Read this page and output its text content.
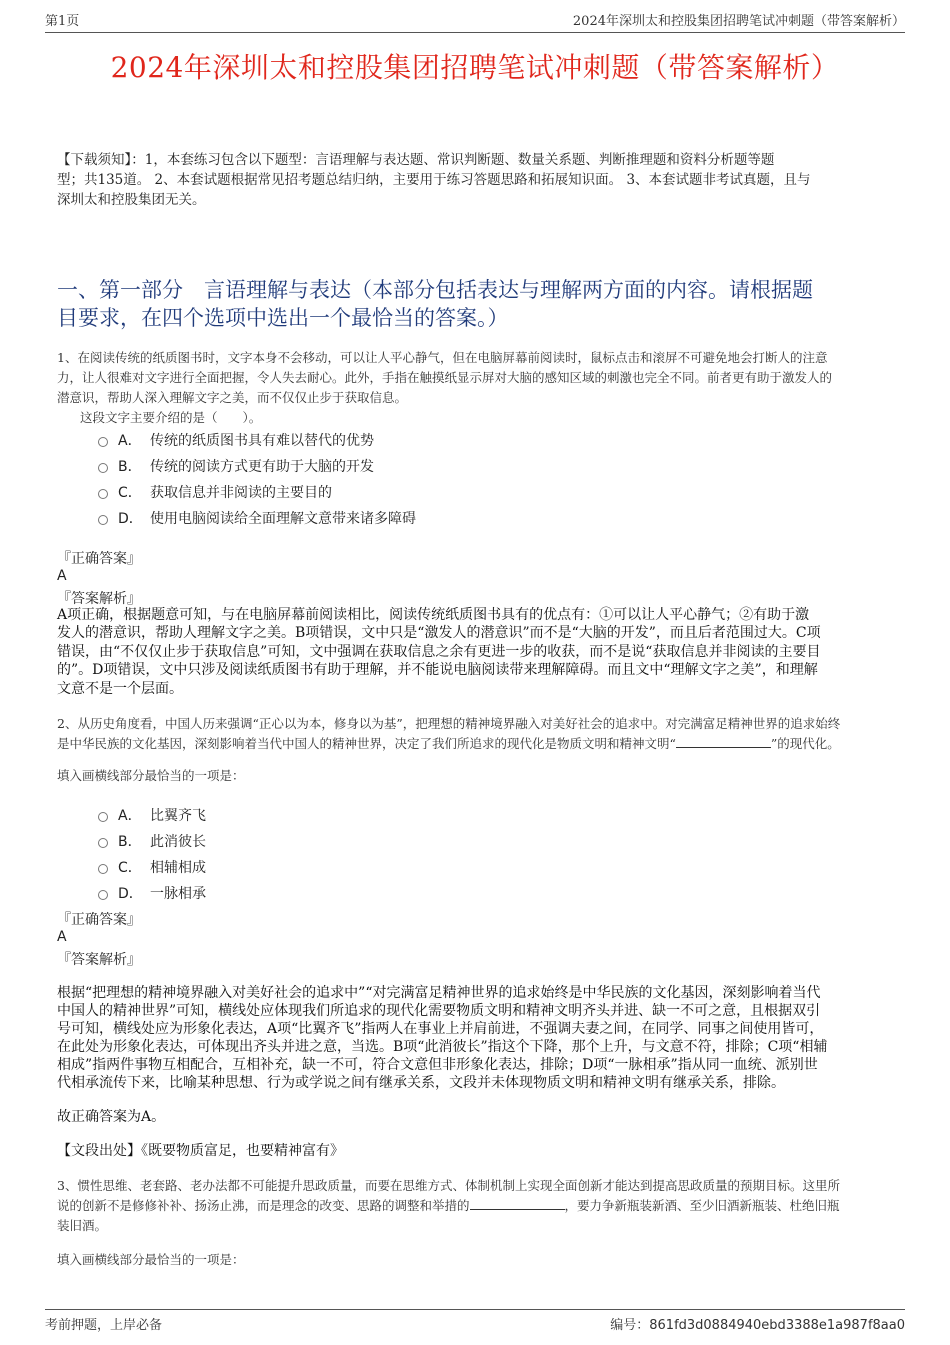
第1页	2024年深圳太和控股集团招聘笔试冲刺题（带答案解析）
2024年深圳太和控股集团招聘笔试冲刺题（带答案解析）
【下载须知】：1，本套练习包含以下题型：言语理解与表达题、常识判断题、数量关系题、判断推理题和资料分析题等题
型；共135道。 2、本套试题根据常见招考题总结归纳，主要用于练习答题思路和拓展知识面。 3、本套试题非考试真题，且与
深圳太和控股集团无关。
一、第一部分　言语理解与表达（本部分包括表达与理解两方面的内容。请根据题
目要求，在四个选项中选出一个最恰当的答案。）
1、在阅读传统的纸质图书时，文字本身不会移动，可以让人平心静气，但在电脑屏幕前阅读时，鼠标点击和滚屏不可避免地会打断人的注意
力，让人很难对文字进行全面把握，令人失去耐心。此外，手指在触摸纸显示屏对大脑的感知区域的刺激也完全不同。前者更有助于激发人的
潜意识，帮助人深入理解文字之美，而不仅仅止步于获取信息。
这段文字主要介绍的是（　　）。
A． 传统的纸质图书具有难以替代的优势
B． 传统的阅读方式更有助于大脑的开发
C． 获取信息并非阅读的主要目的
D． 使用电脑阅读给全面理解文意带来诸多障碍
『正确答案』
A
『答案解析』
A项正确，根据题意可知，与在电脑屏幕前阅读相比，阅读传统纸质图书具有的优点有：①可以让人平心静气；②有助于激
发人的潜意识，帮助人理解文字之美。B项错误，文中只是“激发人的潜意识”而不是“大脑的开发”，而且后者范围过大。C项
错误，由“不仅仅止步于获取信息”可知，文中强调在获取信息之余有更进一步的收获，而不是说“获取信息并非阅读的主要目
的”。D项错误，文中只涉及阅读纸质图书有助于理解，并不能说电脑阅读带来理解障碍。而且文中“理解文字之美”，和理解
文意不是一个层面。
2、从历史角度看，中国人历来强调“正心以为本，修身以为基”，把理想的精神境界融入对美好社会的追求中。对完满富足精神世界的追求始终
是中华民族的文化基因，深刻影响着当代中国人的精神世界，决定了我们所追求的现代化是物质文明和精神文明“	”的现代化。
填入画横线部分最恰当的一项是：
A． 比翼齐飞
B． 此消彼长
C． 相辅相成
D． 一脉相承
『正确答案』
A
『答案解析』
根据“把理想的精神境界融入对美好社会的追求中”“对完满富足精神世界的追求始终是中华民族的文化基因，深刻影响着当代
中国人的精神世界”可知，横线处应体现我们所追求的现代化需要物质文明和精神文明齐头并进、缺一不可之意，且根据双引
号可知，横线处应为形象化表达，A项“比翼齐飞”指两人在事业上并肩前进，不强调夫妻之间，在同学、同事之间使用皆可，
在此处为形象化表达，可体现出齐头并进之意，当选。B项“此消彼长”指这个下降，那个上升，与文意不符，排除；C项“相辅
相成”指两件事物互相配合，互相补充，缺一不可，符合文意但非形象化表达，排除；D项“一脉相承”指从同一血统、派别世
代相承流传下来，比喻某种思想、行为或学说之间有继承关系，文段并未体现物质文明和精神文明有继承关系，排除。
故正确答案为A。
【文段出处】《既要物质富足，也要精神富有》
3、惯性思维、老套路、老办法都不可能提升思政质量，而要在思维方式、体制机制上实现全面创新才能达到提高思政质量的预期目标。这里所
说的创新不是修修补补、扬汤止沸，而是理念的改变、思路的调整和举措的	，要力争新瓶装新酒、至少旧酒新瓶装、杜绝旧瓶
装旧酒。
填入画横线部分最恰当的一项是：
考前押题，上岸必备	编号：861fd3d0884940ebd3388e1a987f8aa0
